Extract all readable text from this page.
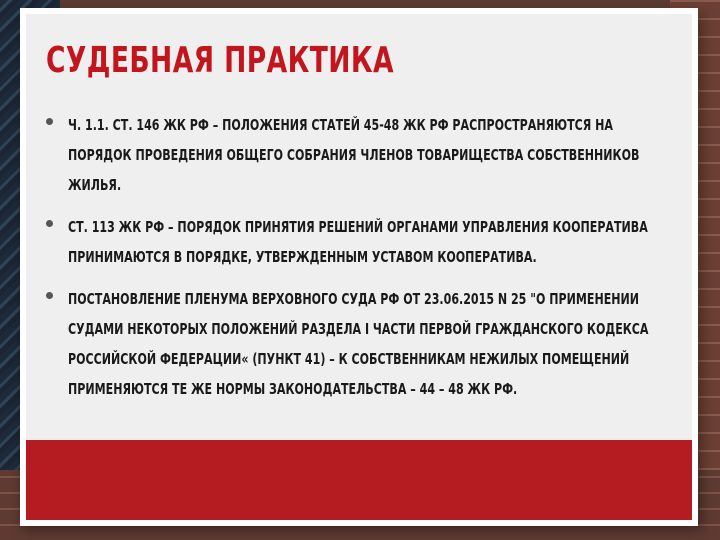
СУДЕБНАЯ ПРАКТИКА
Ч. 1.1. СТ. 146 ЖК РФ – ПОЛОЖЕНИЯ СТАТЕЙ 45-48 ЖК РФ РАСПРОСТРАНЯЮТСЯ НА ПОРЯДОК ПРОВЕДЕНИЯ ОБЩЕГО СОБРАНИЯ ЧЛЕНОВ ТОВАРИЩЕСТВА СОБСТВЕННИКОВ ЖИЛЬЯ.
СТ. 113 ЖК РФ – ПОРЯДОК ПРИНЯТИЯ РЕШЕНИЙ ОРГАНАМИ УПРАВЛЕНИЯ КООПЕРАТИВА ПРИНИМАЮТСЯ В ПОРЯДКЕ, УТВЕРЖДЕННЫМ УСТАВОМ КООПЕРАТИВА.
ПОСТАНОВЛЕНИЕ ПЛЕНУМА ВЕРХОВНОГО СУДА РФ ОТ 23.06.2015 N 25 "О ПРИМЕНЕНИИ СУДАМИ НЕКОТОРЫХ ПОЛОЖЕНИЙ РАЗДЕЛА I ЧАСТИ ПЕРВОЙ ГРАЖДАНСКОГО КОДЕКСА РОССИЙСКОЙ ФЕДЕРАЦИИ« (ПУНКТ 41) – К СОБСТВЕННИКАМ НЕЖИЛЫХ ПОМЕЩЕНИЙ ПРИМЕНЯЮТСЯ ТЕ ЖЕ НОРМЫ ЗАКОНОДАТЕЛЬСТВА – 44 – 48 ЖК РФ.
